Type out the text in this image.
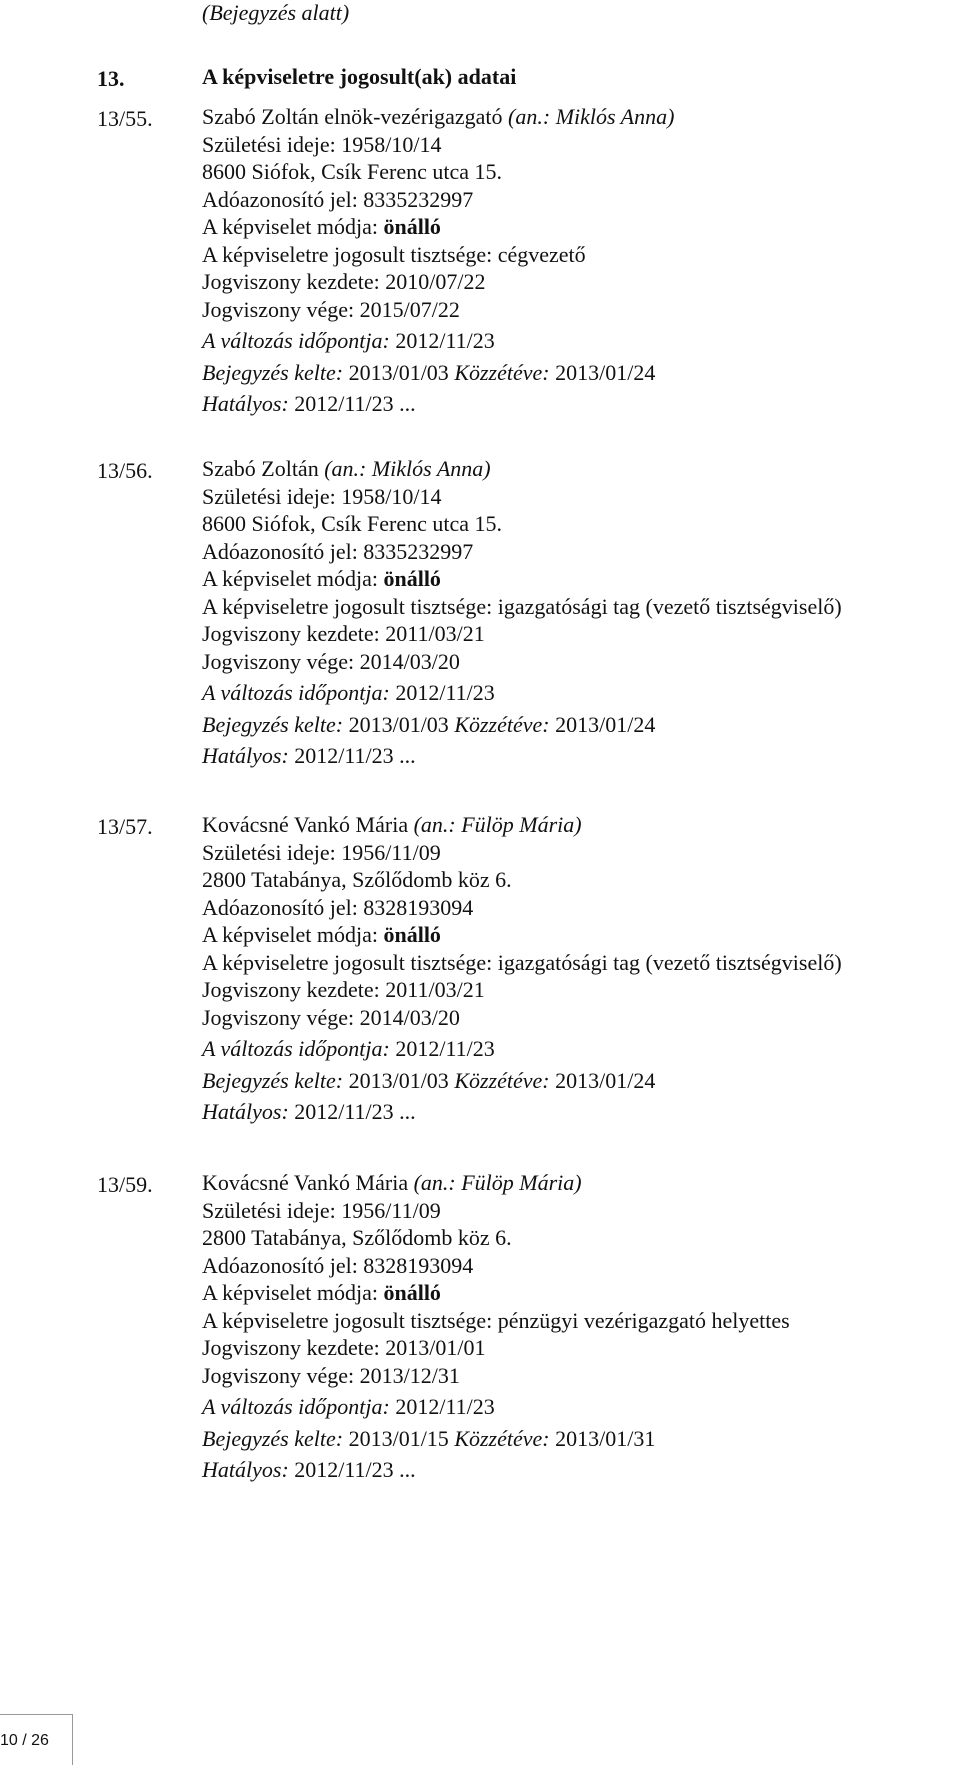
(Bejegyzés alatt)
13.	A képviseletre jogosult(ak) adatai
13/55. Szabó Zoltán elnök-vezérigazgató (an.: Miklós Anna)
Születési ideje: 1958/10/14
8600 Siófok, Csík Ferenc utca 15.
Adóazonosító jel: 8335232997
A képviselet módja: önálló
A képviseletre jogosult tisztsége: cégvezető
Jogviszony kezdete: 2010/07/22
Jogviszony vége: 2015/07/22
A változás időpontja: 2012/11/23
Bejegyzés kelte: 2013/01/03 Közzétéve: 2013/01/24
Hatályos: 2012/11/23 ...
13/56. Szabó Zoltán (an.: Miklós Anna)
Születési ideje: 1958/10/14
8600 Siófok, Csík Ferenc utca 15.
Adóazonosító jel: 8335232997
A képviselet módja: önálló
A képviseletre jogosult tisztsége: igazgatósági tag (vezető tisztségviselő)
Jogviszony kezdete: 2011/03/21
Jogviszony vége: 2014/03/20
A változás időpontja: 2012/11/23
Bejegyzés kelte: 2013/01/03 Közzétéve: 2013/01/24
Hatályos: 2012/11/23 ...
13/57. Kovácsné Vankó Mária (an.: Fülöp Mária)
Születési ideje: 1956/11/09
2800 Tatabánya, Szőlődomb köz 6.
Adóazonosító jel: 8328193094
A képviselet módja: önálló
A képviseletre jogosult tisztsége: igazgatósági tag (vezető tisztségviselő)
Jogviszony kezdete: 2011/03/21
Jogviszony vége: 2014/03/20
A változás időpontja: 2012/11/23
Bejegyzés kelte: 2013/01/03 Közzétéve: 2013/01/24
Hatályos: 2012/11/23 ...
13/59. Kovácsné Vankó Mária (an.: Fülöp Mária)
Születési ideje: 1956/11/09
2800 Tatabánya, Szőlődomb köz 6.
Adóazonosító jel: 8328193094
A képviselet módja: önálló
A képviseletre jogosult tisztsége: pénzügyi vezérigazgató helyettes
Jogviszony kezdete: 2013/01/01
Jogviszony vége: 2013/12/31
A változás időpontja: 2012/11/23
Bejegyzés kelte: 2013/01/15 Közzétéve: 2013/01/31
Hatályos: 2012/11/23 ...
10 / 26
